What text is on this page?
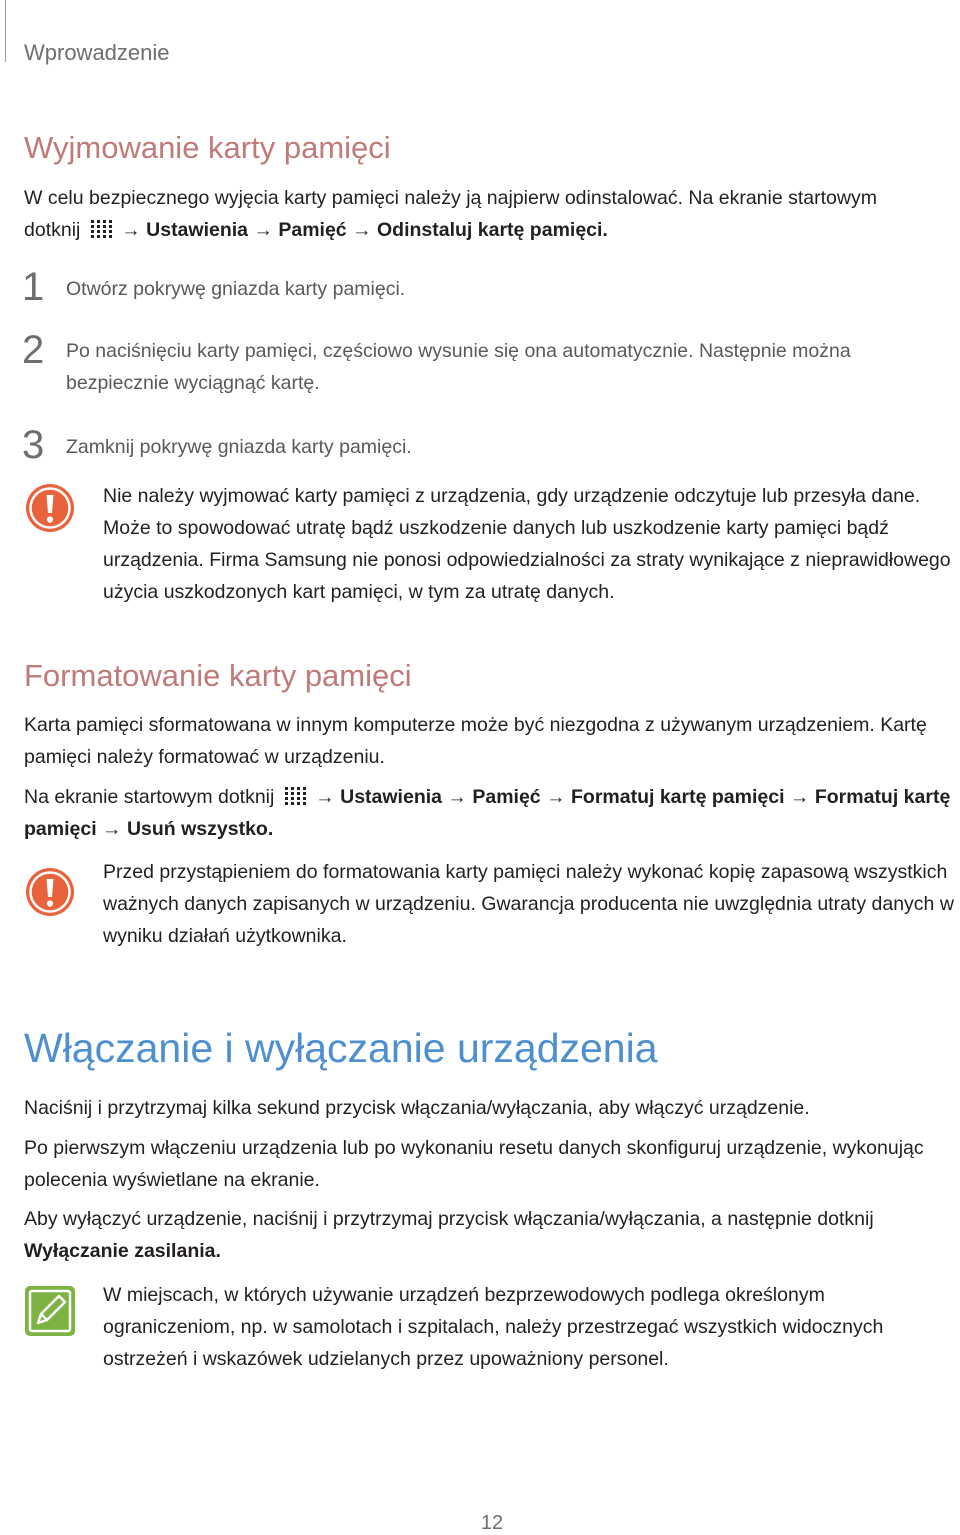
Wprowadzenie
Wyjmowanie karty pamięci

W celu bezpiecznego wyjęcia karty pamięci należy ją najpierw odinstalować. Na ekranie startowym
dotknij → Ustawienia → Pamięć → Odinstaluj kartę pamięci.

1 Otwórz pokrywę gniazda karty pamięci.
2 Po naciśnięciu karty pamięci, częściowo wysunie się ona automatycznie. Następnie można bezpiecznie wyciągnąć kartę.
3 Zamknij pokrywę gniazda karty pamięci.
Nie należy wyjmować karty pamięci z urządzenia, gdy urządzenie odczytuje lub przesyła dane. Może to spowodować utratę bądź uszkodzenie danych lub uszkodzenie karty pamięci bądź urządzenia. Firma Samsung nie ponosi odpowiedzialności za straty wynikające z nieprawidłowego użycia uszkodzonych kart pamięci, w tym za utratę danych.
Formatowanie karty pamięci

Karta pamięci sformatowana w innym komputerze może być niezgodna z używanym urządzeniem. Kartę pamięci należy formatować w urządzeniu.

Na ekranie startowym dotknij → Ustawienia → Pamięć → Formatuj kartę pamięci → Formatuj kartę pamięci → Usuń wszystko.

Przed przystąpieniem do formatowania karty pamięci należy wykonać kopię zapasową wszystkich ważnych danych zapisanych w urządzeniu. Gwarancja producenta nie uwzględnia utraty danych w wyniku działań użytkownika.
Włączanie i wyłączanie urządzenia

Naciśnij i przytrzymaj kilka sekund przycisk włączania/wyłączania, aby włączyć urządzenie.

Po pierwszym włączeniu urządzenia lub po wykonaniu resetu danych skonfiguruj urządzenie, wykonując polecenia wyświetlane na ekranie.

Aby wyłączyć urządzenie, naciśnij i przytrzymaj przycisk włączania/wyłączania, a następnie dotknij
Wyłączanie zasilania.

W miejscach, w których używanie urządzeń bezprzewodowych podlega określonym ograniczeniom, np. w samolotach i szpitalach, należy przestrzegać wszystkich widocznych ostrzeżeń i wskazówek udzielanych przez upoważniony personel.
12
